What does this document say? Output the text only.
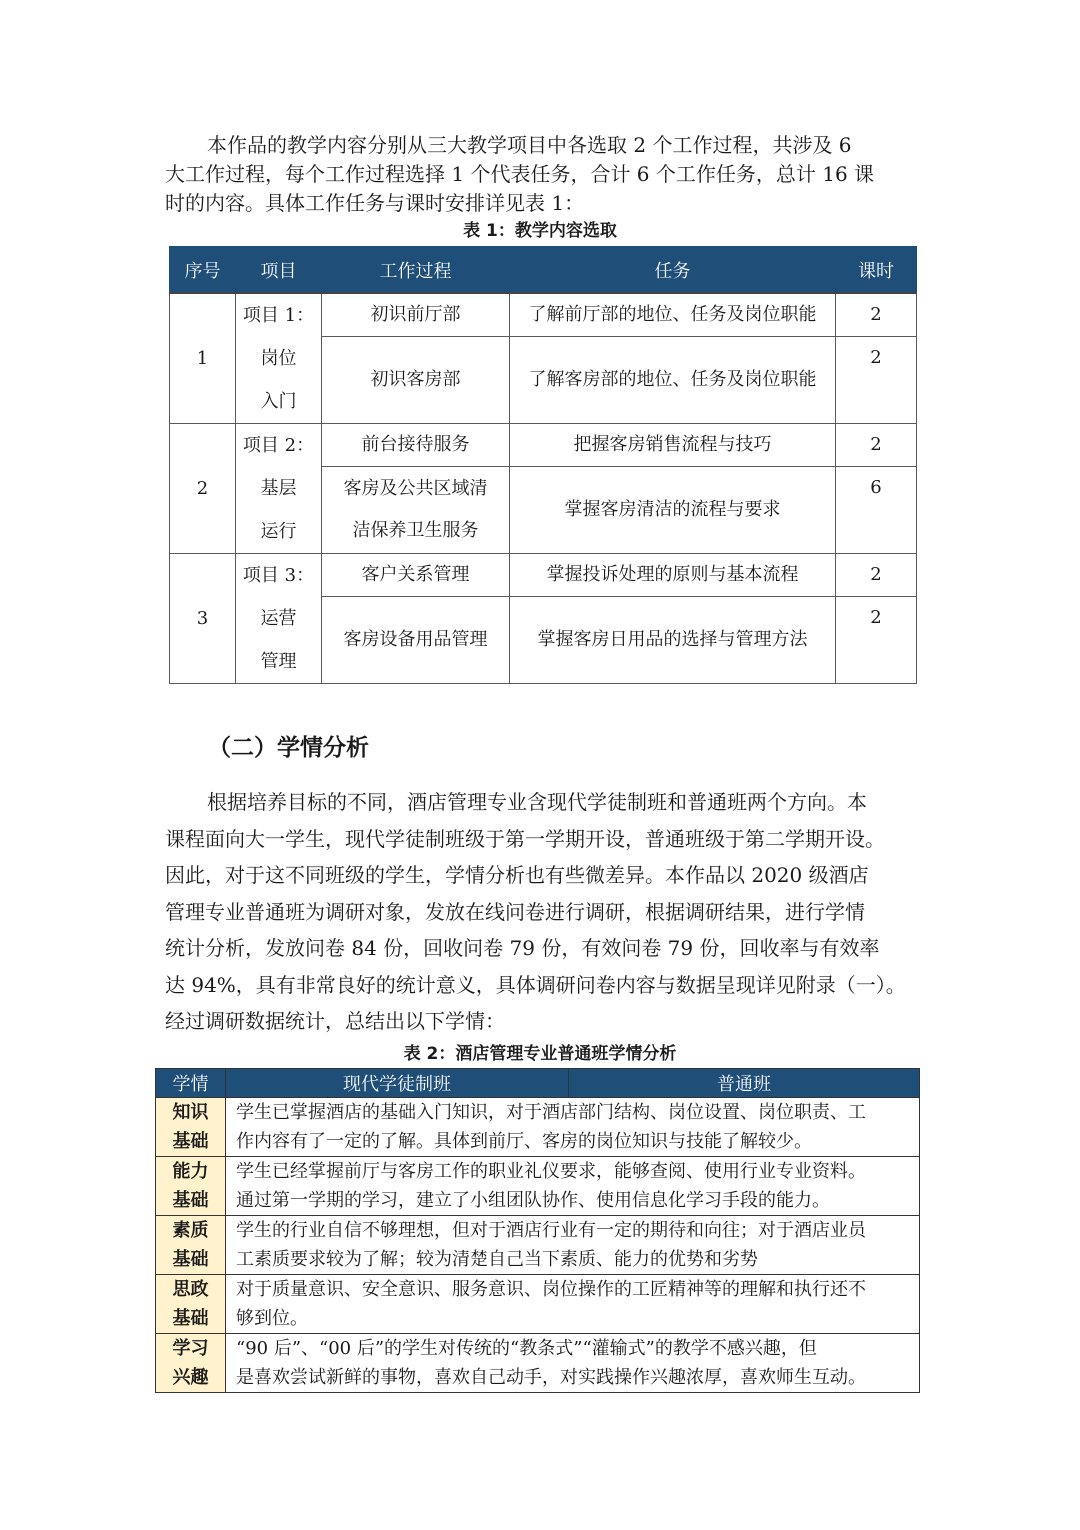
本作品的教学内容分别从三大教学项目中各选取 2 个工作过程，共涉及 6
大工作过程，每个工作过程选择 1 个代表任务，合计 6 个工作任务，总计 16 课
时的内容。具体工作任务与课时安排详见表 1：

表 1：教学内容选取
序号	项目	工作过程	任务	课时
1	项目 1：
岗位
入门	初识前厅部	了解前厅部的地位、任务及岗位职能	2
		初识客房部	了解客房部的地位、任务及岗位职能	2
2	项目 2：
基层
运行	前台接待服务	把握客房销售流程与技巧	2

		客房及公共区域清
洁保养卫生服务	掌握客房清洁的流程与要求	6
3	项目 3：
运营
管理	客户关系管理	掌握投诉处理的原则与基本流程	2
		客房设备用品管理	掌握客房日用品的选择与管理方法	2
（二）学情分析

根据培养目标的不同，酒店管理专业含现代学徒制班和普通班两个方向。本
课程面向大一学生，现代学徒制班级于第一学期开设，普通班级于第二学期开设。
因此，对于这不同班级的学生，学情分析也有些微差异。本作品以 2020 级酒店
管理专业普通班为调研对象，发放在线问卷进行调研，根据调研结果，进行学情
统计分析，发放问卷 84 份，回收问卷 79 份，有效问卷 79 份，回收率与有效率
达 94%，具有非常良好的统计意义，具体调研问卷内容与数据呈现详见附录（一）。
经过调研数据统计，总结出以下学情：

表 2：酒店管理专业普通班学情分析
学情	现代学徒制班	普通班

知识
基础	学生已掌握酒店的基础入门知识，对于酒店部门结构、岗位设置、岗位职责、工
作内容有了一定的了解。具体到前厅、客房的岗位知识与技能了解较少。	

能力
基础	学生已经掌握前厅与客房工作的职业礼仪要求，能够查阅、使用行业专业资料。
通过第一学期的学习，建立了小组团队协作、使用信息化学习手段的能力。	

素质
基础	学生的行业自信不够理想，但对于酒店行业有一定的期待和向往；对于酒店业员
工素质要求较为了解；较为清楚自己当下素质、能力的优势和劣势	

思政
基础	对于质量意识、安全意识、服务意识、岗位操作的工匠精神等的理解和执行还不
够到位。	

学习
兴趣	“90 后”、“00 后”的学生对传统的“教条式”“灌输式”的教学不感兴趣，但
是喜欢尝试新鲜的事物，喜欢自己动手，对实践操作兴趣浓厚，喜欢师生互动。	
